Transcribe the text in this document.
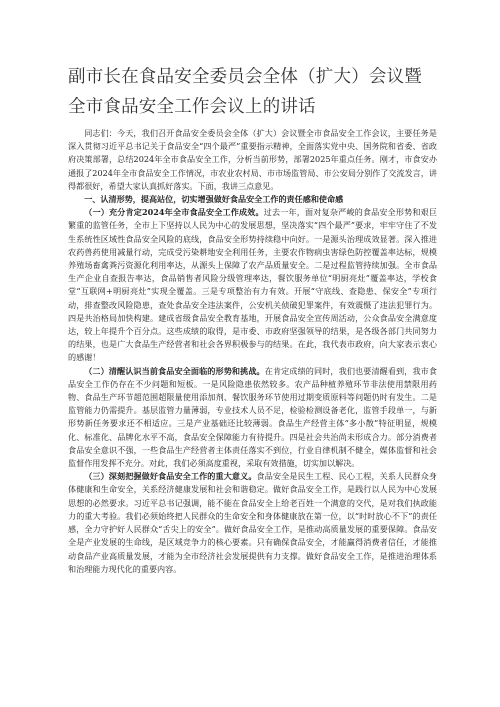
副市长在食品安全委员会全体（扩大）会议暨全市食品安全工作会议上的讲话

同志们：今天，我们召开食品安全委员会全体（扩大）会议暨全市食品安全工作会议，主要任务是深入贯彻习近平总书记关于食品安全“四个最严”重要指示精神，全面落实党中央、国务院和省委、省政府决策部署，总结2024年全市食品安全工作，分析当前形势，部署2025年重点任务。刚才，市食安办通报了2024年全市食品安全工作情况，市农业农村局、市市场监管局、市公安局分别作了交流发言，讲得都很好，希望大家认真抓好落实。下面，我讲三点意见。

一、认清形势，提高站位，切实增强做好食品安全工作的责任感和使命感

（一）充分肯定2024年全市食品安全工作成效。过去一年，面对复杂严峻的食品安全形势和艰巨繁重的监管任务，全市上下坚持以人民为中心的发展思想，坚决落实“四个最严”要求，牢牢守住了不发生系统性区域性食品安全风险的底线，食品安全形势持续稳中向好。一是源头治理成效显著。深入推进农药兽药使用减量行动，完成受污染耕地安全利用任务，主要农作物病虫害绿色防控覆盖率达标，规模养殖场畜禽粪污资源化利用率达，从源头上保障了农产品质量安全。二是过程监管持续加强。全市食品生产企业自查报告率达，食品销售者风险分级管理率达，餐饮服务单位“明厨亮灶”覆盖率达，学校食堂“互联网+明厨亮灶”实现全覆盖。三是专项整治有力有效。开展“守底线、查隐患、保安全”专项行动，排查整改风险隐患，查处食品安全违法案件，公安机关侦破犯罪案件，有效震慑了违法犯罪行为。四是共治格局加快构建。建成省级食品安全教育基地，开展食品安全宣传周活动，公众食品安全满意度达，较上年提升个百分点。这些成绩的取得，是市委、市政府坚强领导的结果，是各级各部门共同努力的结果，也是广大食品生产经营者和社会各界积极参与的结果。在此，我代表市政府，向大家表示衷心的感谢！

（二）清醒认识当前食品安全面临的形势和挑战。在肯定成绩的同时，我们也要清醒看到，我市食品安全工作仍存在不少问题和短板。一是风险隐患依然较多。农产品种植养殖环节非法使用禁限用药物、食品生产环节超范围超限量使用添加剂、餐饮服务环节使用过期变质原料等问题仍时有发生。二是监管能力仍需提升。基层监管力量薄弱，专业技术人员不足，检验检测设备老化，监管手段单一，与新形势新任务要求还不相适应。三是产业基础还比较薄弱。食品生产经营主体“多小散”特征明显，规模化、标准化、品牌化水平不高，食品安全保障能力有待提升。四是社会共治尚未形成合力。部分消费者食品安全意识不强，一些食品生产经营者主体责任落实不到位，行业自律机制不健全，媒体监督和社会监督作用发挥不充分。对此，我们必须高度重视，采取有效措施，切实加以解决。

（三）深刻把握做好食品安全工作的重大意义。食品安全是民生工程、民心工程，关系人民群众身体健康和生命安全，关系经济健康发展和社会和谐稳定。做好食品安全工作，是践行以人民为中心发展思想的必然要求。习近平总书记强调，能不能在食品安全上给老百姓一个满意的交代，是对我们执政能力的重大考验。我们必须始终把人民群众的生命安全和身体健康放在第一位，以“时时放心不下”的责任感，全力守护好人民群众“舌尖上的安全”。做好食品安全工作，是推动高质量发展的重要保障。食品安全是产业发展的生命线，是区域竞争力的核心要素。只有确保食品安全，才能赢得消费者信任，才能推动食品产业高质量发展，才能为全市经济社会发展提供有力支撑。做好食品安全工作，是推进治理体系和治理能力现代化的重要内容。
